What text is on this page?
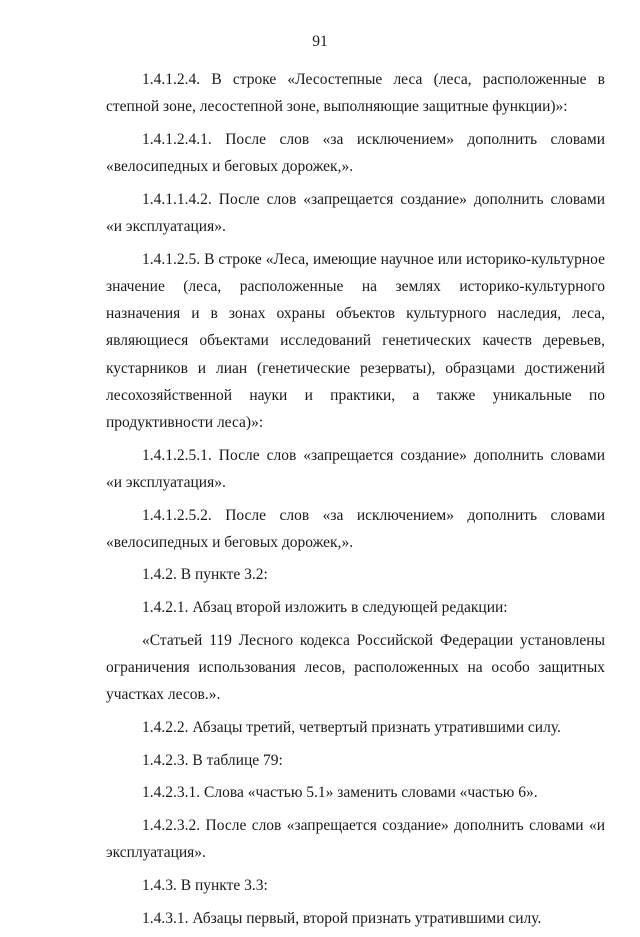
91

1.4.1.2.4. В строке «Лесостепные леса (леса, расположенные в степной зоне, лесостепной зоне, выполняющие защитные функции)»:

1.4.1.2.4.1. После слов «за исключением» дополнить словами «велосипедных и беговых дорожек,».

1.4.1.1.4.2. После слов «запрещается создание» дополнить словами «и эксплуатация».

1.4.1.2.5. В строке «Леса, имеющие научное или историко-культурное значение (леса, расположенные на землях историко-культурного назначения и в зонах охраны объектов культурного наследия, леса, являющиеся объектами исследований генетических качеств деревьев, кустарников и лиан (генетические резерваты), образцами достижений лесохозяйственной науки и практики, а также уникальные по продуктивности леса)»:

1.4.1.2.5.1. После слов «запрещается создание» дополнить словами «и эксплуатация».

1.4.1.2.5.2. После слов «за исключением» дополнить словами «велосипедных и беговых дорожек,».

1.4.2. В пункте 3.2:

1.4.2.1. Абзац второй изложить в следующей редакции:

«Статьей 119 Лесного кодекса Российской Федерации установлены ограничения использования лесов, расположенных на особо защитных участках лесов.».

1.4.2.2. Абзацы третий, четвертый признать утратившими силу.

1.4.2.3. В таблице 79:

1.4.2.3.1. Слова «частью 5.1» заменить словами «частью 6».

1.4.2.3.2. После слов «запрещается создание» дополнить словами «и эксплуатация».

1.4.3. В пункте 3.3:

1.4.3.1. Абзацы первый, второй признать утратившими силу.
